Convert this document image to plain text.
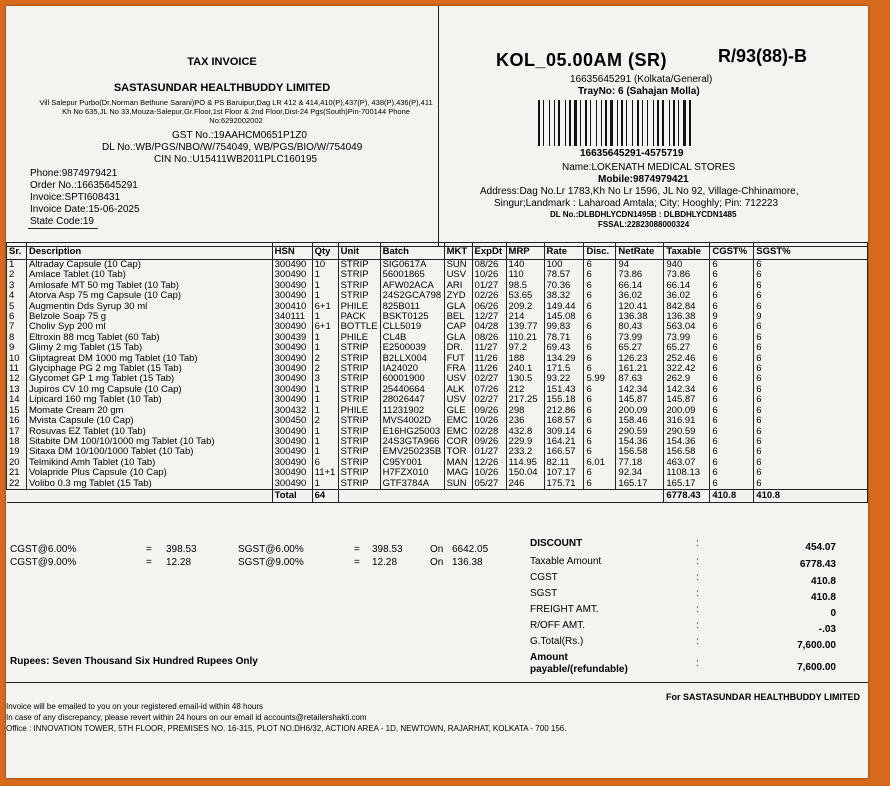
TAX INVOICE
SASTASUNDAR HEALTHBUDDY LIMITED
Vill Salepur Purbo(Dr.Norman Bethune Sarani)PO & PS Baruipur,Dag LR 412 & 414,410(P),437(P), 438(P),436(P),411 Kh No 635,JL No 33,Mouza-Salepur,Gr.Floor,1st Floor & 2nd Floor,Dist-24 Pgs(South)Pin-700144 Phone No:6292002002
GST No.:19AAHCM0651P1Z0
DL No.:WB/PGS/NBO/W/754049, WB/PGS/BIO/W/754049
CIN No.:U15411WB2011PLC160195
Phone:9874979421
Order No.:16635645291
Invoice:SPTI608431
Invoice Date:15-06-2025
State Code:19
KOL_05.00AM (SR)	R/93(88)-B
16635645291 (Kolkata/General)
TrayNo: 6 (Sahajan Molla)
16635645291-4575719
Name:LOKENATH MEDICAL STORES
Mobile:9874979421
Address:Dag No.Lr 1783,Kh No Lr 1596, JL No 92, Village-Chhinamore,
Singur;Landmark : Laharoad Amtala; City: Hooghly; Pin: 712223
DL No.:DLBDHLYCDN1495B : DLBDHLYCDN1485
FSSAL:22823088000324
Sr.	Description	HSN	Qty	Unit	Batch	MKT	ExpDt	MRP	Rate	Disc.	NetRate	Taxable	CGST%	SGST%
1	Altraday Capsule (10 Cap)	300490	10	STRIP	SIG0617A	SUN	08/26	140	100	6	94	940	6	6
2	Amlace Tablet (10 Tab)	300490	1	STRIP	56001865	USV	10/26	110	78.57	6	73.86	73.86	6	6
3	Amlosafe MT 50 mg Tablet (10 Tab)	300490	1	STRIP	AFW02ACA	ARI	01/27	98.5	70.36	6	66.14	66.14	6	6
4	Atorva Asp 75 mg Capsule (10 Cap)	300490	1	STRIP	24S2GCA798	ZYD	02/26	53.65	38.32	6	36.02	36.02	6	6
5	Augmentin Dds Syrup 30 ml	300410	6+1	PHILE	825B011	GLA	06/26	209.2	149.44	6	120.41	842.84	6	6
6	Belzole Soap 75 g	340111	1	PACK	BSKT0125	BEL	12/27	214	145.08	6	136.38	136.38	9	9
7	Choliv Syp 200 ml	300490	6+1	BOTTLE	CLL5019	CAP	04/28	139.77	99.83	6	80.43	563.04	6	6
8	Eltroxin 88 mcg Tablet (60 Tab)	300439	1	PHILE	CL4B	GLA	08/26	110.21	78.71	6	73.99	73.99	6	6
9	Glimy 2 mg Tablet (15 Tab)	300490	1	STRIP	E2500039	DR.	11/27	97.2	69.43	6	65.27	65.27	6	6
10	Gliptagreat DM 1000 mg Tablet (10 Tab)	300490	2	STRIP	B2LLX004	FUT	11/26	188	134.29	6	126.23	252.46	6	6
11	Glyciphage PG 2 mg Tablet (15 Tab)	300490	2	STRIP	IA24020	FRA	11/26	240.1	171.5	6	161.21	322.42	6	6
12	Glycomet GP 1 mg Tablet (15 Tab)	300490	3	STRIP	60001900	USV	02/27	130.5	93.22	5.99	87.63	262.9	6	6
13	Jupiros CV 10 mg Capsule (10 Cap)	300490	1	STRIP	25440664	ALK	07/26	212	151.43	6	142.34	142.34	6	6
14	Lipicard 160 mg Tablet (10 Tab)	300490	1	STRIP	28026447	USV	02/27	217.25	155.18	6	145.87	145.87	6	6
15	Momate Cream 20 gm	300432	1	PHILE	11231902	GLE	09/26	298	212.86	6	200.09	200.09	6	6
16	Mvista Capsule (10 Cap)	300450	2	STRIP	MVS4002D	EMC	10/26	236	168.57	6	158.46	316.91	6	6
17	Rosuvas EZ Tablet (10 Tab)	300490	1	STRIP	E16HG25003	EMC	02/28	432.8	309.14	6	290.59	290.59	6	6
18	Sitabite DM 100/10/1000 mg Tablet (10 Tab)	300490	1	STRIP	24S3GTA966	COR	09/26	229.9	164.21	6	154.36	154.36	6	6
19	Sitaxa DM 10/100/1000 Tablet (10 Tab)	300490	1	STRIP	EMV250235B	TOR	01/27	233.2	166.57	6	156.58	156.58	6	6
20	Telmikind Amh Tablet (10 Tab)	300490	6	STRIP	C95Y001	MAN	12/26	114.95	82.11	6.01	77.18	463.07	6	6
21	Volapride Plus Capsule (10 Cap)	300490	11+1	STRIP	H7FZX010	MAG	10/26	150.04	107.17	6	92.34	1108.13	6	6
22	Volibo 0.3 mg Tablet (15 Tab)	300490	1	STRIP	GTF3784A	SUN	05/27	246	175.71	6	165.17	165.17	6	6
		Total	64									6778.43	410.8	410.8
CGST@6.00%	= 398.53	SGST@6.00%	= 398.53	On 6642.05
CGST@9.00%	= 12.28	SGST@9.00%	= 12.28	On 136.38
DISCOUNT	:	454.07
Taxable Amount	:	6778.43
CGST	:	410.8
SGST	:	410.8
FREIGHT AMT.	:	0
R/OFF AMT.	:	-.03
G.Total(Rs.)	:	7,600.00
Amount
payable/(refundable)
:	7,600.00
Rupees: Seven Thousand Six Hundred Rupees Only
For SASTASUNDAR HEALTHBUDDY LIMITED
Invoice will be emailed to you on your registered email-id within 48 hours
In case of any discrepancy, please revert within 24 hours on our email id accounts@retailershakti.com
Office : INNOVATION TOWER, 5TH FLOOR, PREMISES NO. 16-315, PLOT NO.DH6/32, ACTION AREA - 1D, NEWTOWN, RAJARHAT, KOLKATA - 700 156.
